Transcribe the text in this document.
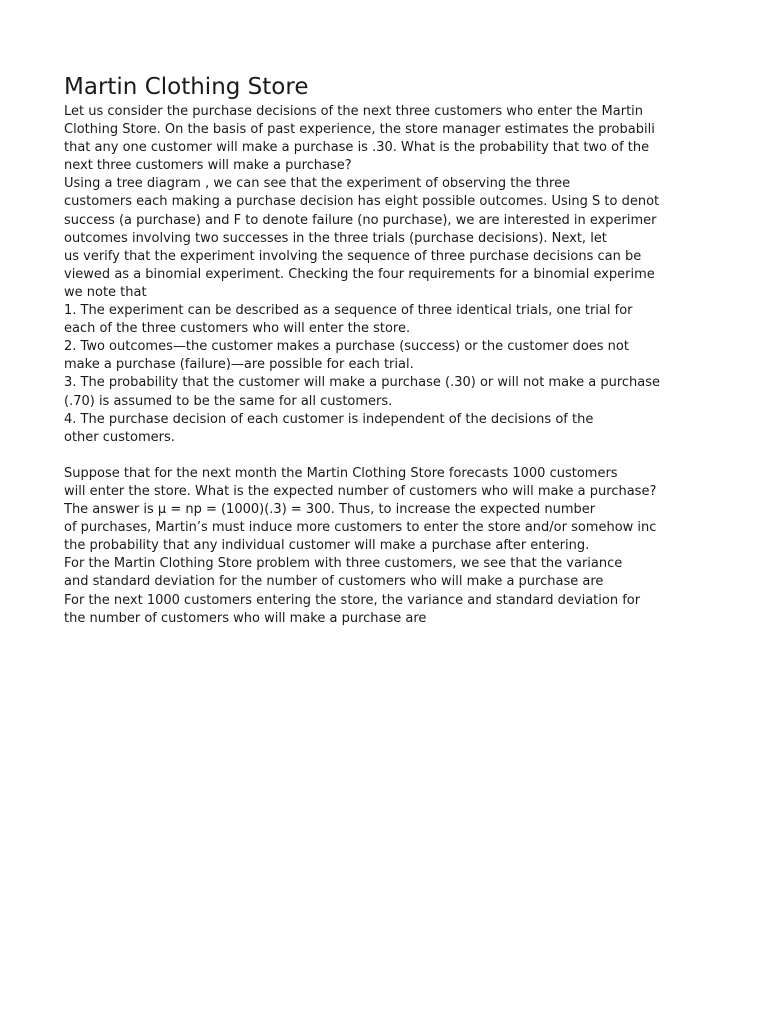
Martin Clothing Store
Let us consider the purchase decisions of the next three customers who enter the Martin
Clothing Store. On the basis of past experience, the store manager estimates the probabili
that any one customer will make a purchase is .30. What is the probability that two of the
next three customers will make a purchase?
Using a tree diagram , we can see that the experiment of observing the three
customers each making a purchase decision has eight possible outcomes. Using S to denot
success (a purchase) and F to denote failure (no purchase), we are interested in experimer
outcomes involving two successes in the three trials (purchase decisions). Next, let
us verify that the experiment involving the sequence of three purchase decisions can be
viewed as a binomial experiment. Checking the four requirements for a binomial experime
we note that
1. The experiment can be described as a sequence of three identical trials, one trial for
each of the three customers who will enter the store.
2. Two outcomes—the customer makes a purchase (success) or the customer does not
make a purchase (failure)—are possible for each trial.
3. The probability that the customer will make a purchase (.30) or will not make a purchase
(.70) is assumed to be the same for all customers.
4. The purchase decision of each customer is independent of the decisions of the
other customers.
Suppose that for the next month the Martin Clothing Store forecasts 1000 customers
will enter the store. What is the expected number of customers who will make a purchase?
The answer is μ = np = (1000)(.3) = 300. Thus, to increase the expected number
of purchases, Martin’s must induce more customers to enter the store and/or somehow inc
the probability that any individual customer will make a purchase after entering.
For the Martin Clothing Store problem with three customers, we see that the variance
and standard deviation for the number of customers who will make a purchase are
For the next 1000 customers entering the store, the variance and standard deviation for
the number of customers who will make a purchase are
